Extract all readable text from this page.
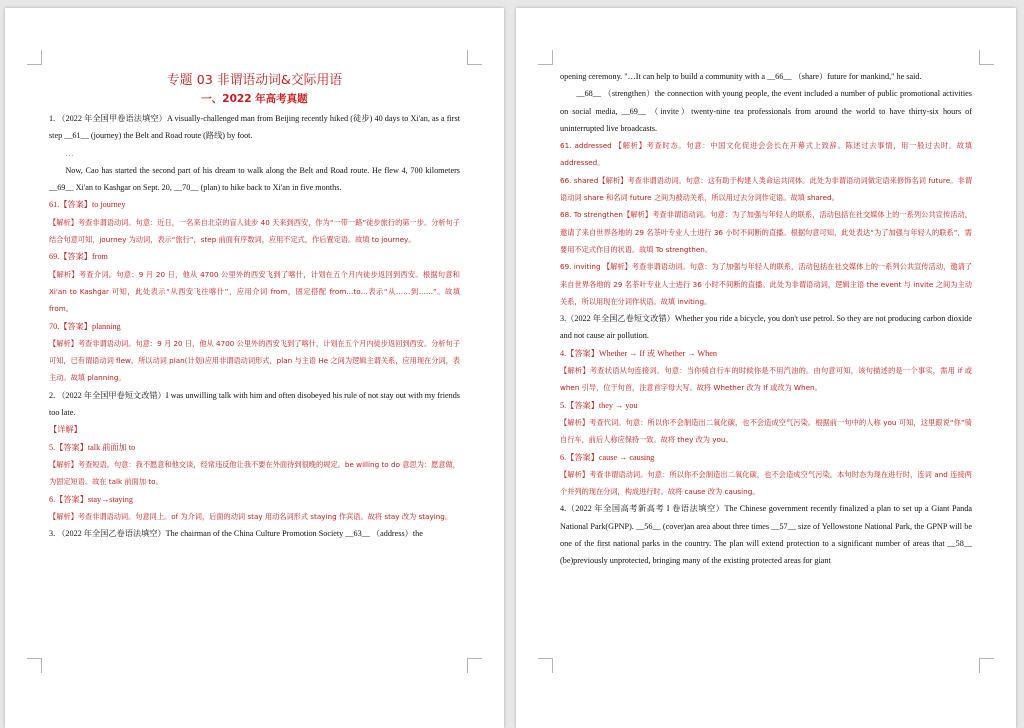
专题 03 非谓语动词&交际用语
一、2022 年高考真题

1. （2022 年全国甲卷语法填空）A visually-challenged man from Beijing recently hiked (徒步) 40 days to Xi'an, as a first step __61__ (journey) the Belt and Road route (路线) by foot.

…

Now, Cao has started the second part of his dream to walk along the Belt and Road route. He flew 4, 700 kilometers __69__ Xi'an to Kashgar on Sept. 20, __70__ (plan) to hike back to Xi'an in five months.

61.【答案】to journey

【解析】考查非谓语动词。句意：近日，一名来自北京的盲人徒步 40 天来到西安，作为“一带一路”徒步旅行的第一步。分析句子结合句意可知，journey 为动词，表示“旅行”，step 前面有序数词，应用不定式，作后置定语。故填 to journey。

69.【答案】from

【解析】考查介词。句意：9 月 20 日，他从 4700 公里外的西安飞到了喀什，计划在五个月内徒步返回到西安。根据句意和 Xi'an to Kashgar 可知，此处表示“从西安飞往喀什”，应用介词 from，固定搭配 from…to…表示“从……到……”。故填 from。

70.【答案】planning

【解析】考查非谓语动词。句意：9 月 20 日，他从 4700 公里外的西安飞到了喀什，计划在五个月内徒步返回到西安。分析句子可知，已有谓语动词 flew，所以动词 plan(计划)应用非谓语动词形式，plan 与主语 He 之间为逻辑主谓关系，应用现在分词，表主动。故填 planning。

2. （2022 年全国甲卷短文改错）I was unwilling talk with him and often disobeyed his rule of not stay out with my friends too late.

【详解】

5.【答案】talk 前面加 to

【解析】考查短语。句意：我不愿意和他交谈，经常违反他让我不要在外面待到很晚的规定。be willing to do 意思为：愿意做，为固定短语。故在 talk 前面加 to。

6.【答案】stay→staying

【解析】考查非谓语动词。句意同上。of 为介词，后面的动词 stay 用动名词形式 staying 作宾语。故将 stay 改为 staying。

3. （2022 年全国乙卷语法填空）The chairman of the China Culture Promotion Society __63__ （address）the

opening ceremony. "…It can help to build a community with a __66__ （share）future for mankind," he said.

__68__ （strengthen）the connection with young people, the event included a number of public promotional activities on social media, __69__ （invite）twenty-nine tea professionals from around the world to have thirty-six hours of uninterrupted live broadcasts.

61. addressed 【解析】考查时态。句意：中国文化促进会会长在开幕式上致辞。陈述过去事情，用一般过去时。故填 addressed。

66. shared【解析】考查非谓语动词。句意：这有助于构建人类命运共同体。此处为非谓语动词做定语来修饰名词 future。非谓语动词 share 和名词 future 之间为被动关系，所以用过去分词作定语。故填 shared。

68. To strengthen【解析】考查非谓语动词。句意：为了加强与年轻人的联系，活动包括在社交媒体上的一系列公共宣传活动，邀请了来自世界各地的 29 名茶叶专业人士进行 36 小时不间断的直播。根据句意可知，此处表达“为了加强与年轻人的联系”，需要用不定式作目的状语。故填 To strengthen。

69. inviting 【解析】考查非谓语动词。句意：为了加强与年轻人的联系，活动包括在社交媒体上的一系列公共宣传活动，邀请了来自世界各地的 29 名茶叶专业人士进行 36 小时不间断的直播。此处为非谓语动词，逻辑主语 the event 与 invite 之间为主动关系，所以用现在分词作状语。故填 inviting。

3.（2022 年全国乙卷短文改错）Whether you ride a bicycle, you don't use petrol. So they are not producing carbon dioxide and not cause air pollution.

4.【答案】Whether → If 或 Whether → When

【解析】考查状语从句连接词。句意：当你骑自行车的时候你是不用汽油的。由句意可知，该句描述的是一个事实，需用 if 或 when 引导，位于句首，注意首字母大写。故将 Whether 改为 If 或改为 When。

5.【答案】they → you

【解析】考查代词。句意：所以你不会制造出二氧化碳，也不会造成空气污染。根据前一句中的人称 you 可知，这里跟说“你”骑自行车，前后人称应保持一致。故将 they 改为 you。

6.【答案】cause → causing

【解析】考查非谓语动词。句意：所以你不会制造出二氧化碳，也不会造成空气污染。本句时态为现在进行时，连词 and 连接两个并列的现在分词，构成进行时。故将 cause 改为 causing。

4.（2022 年全国高考新高考 I 卷语法填空）The Chinese government recently finalized a plan to set up a Giant Panda National Park(GPNP). __56__ (cover)an area about three times __57__ size of Yellowstone National Park, the GPNP will be one of the first national parks in the country. The plan will extend protection to a significant number of areas that __58__ (be)previously unprotected, bringing many of the existing protected areas for giant
